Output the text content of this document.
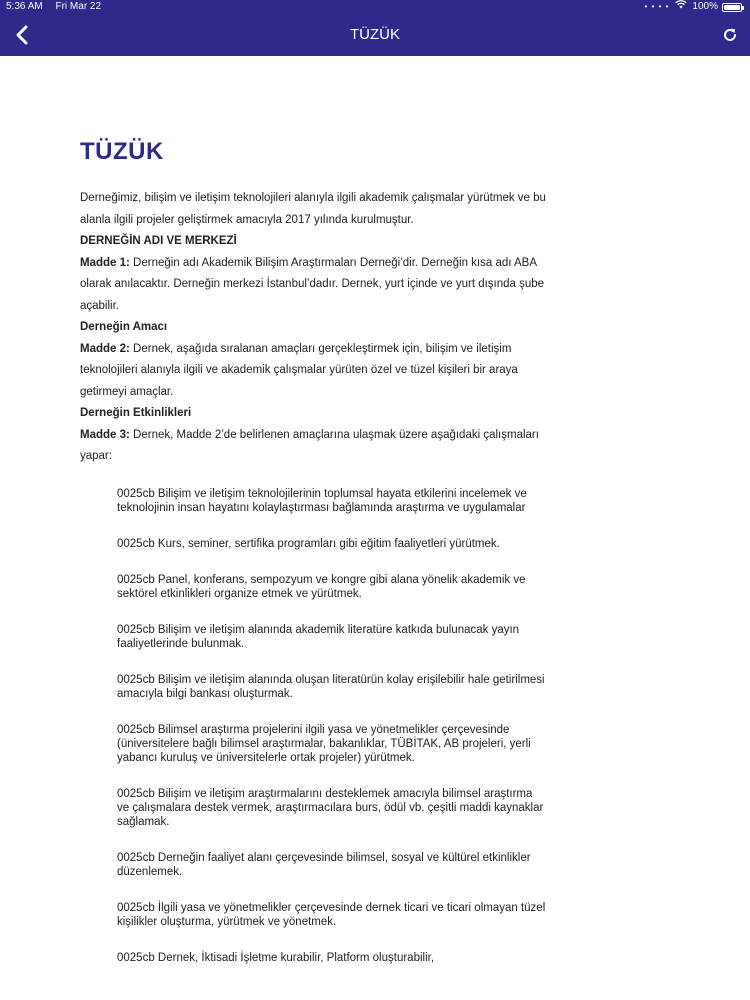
5:36 AM Fri Mar 22	• • • • 100%
TÜZÜK
TÜZÜK

Derneğimiz, bilişim ve iletişim teknolojileri alanıyla ilgili akademik çalışmalar yürütmek ve bu alanla ilgili projeler geliştirmek amacıyla 2017 yılında kurulmuştur.

DERNEĞİN ADI VE MERKEZİ

Madde 1: Derneğin adı Akademik Bilişim Araştırmaları Derneği’dir. Derneğin kısa adı ABA olarak anılacaktır. Derneğin merkezi İstanbul’dadır. Dernek, yurt içinde ve yurt dışında şube açabilir.

Derneğin Amacı

Madde 2: Dernek, aşağıda sıralanan amaçları gerçekleştirmek için, bilişim ve iletişim teknolojileri alanıyla ilgili ve akademik çalışmalar yürüten özel ve tüzel kişileri bir araya getirmeyi amaçlar.

Derneğin Etkinlikleri

Madde 3: Dernek, Madde 2’de belirlenen amaçlarına ulaşmak üzere aşağıdaki çalışmaları yapar:

0025cb Bilişim ve iletişim teknolojilerinin toplumsal hayata etkilerini incelemek ve teknolojinin insan hayatını kolaylaştırması bağlamında araştırma ve uygulamalar
0025cb Kurs, seminer, sertifika programları gibi eğitim faaliyetleri yürütmek.
0025cb Panel, konferans, sempozyum ve kongre gibi alana yönelik akademik ve sektörel etkinlikleri organize etmek ve yürütmek.
0025cb Bilişim ve iletişim alanında akademik literatüre katkıda bulunacak yayın faaliyetlerinde bulunmak.
0025cb Bilişim ve iletişim alanında oluşan literatürün kolay erişilebilir hale getirilmesi amacıyla bilgi bankası oluşturmak.
0025cb Bilimsel araştırma projelerini ilgili yasa ve yönetmelikler çerçevesinde (üniversitelere bağlı bilimsel araştırmalar, bakanlıklar, TÜBİTAK, AB projeleri, yerli yabancı kuruluş ve üniversitelerle ortak projeler) yürütmek.
0025cb Bilişim ve iletişim araştırmalarını desteklemek amacıyla bilimsel araştırma ve çalışmalara destek vermek, araştırmacılara burs, ödül vb. çeşitli maddi kaynaklar sağlamak.
0025cb Derneğin faaliyet alanı çerçevesinde bilimsel, sosyal ve kültürel etkinlikler düzenlemek.
0025cb İlgili yasa ve yönetmelikler çerçevesinde dernek ticari ve ticari olmayan tüzel kişilikler oluşturma, yürütmek ve yönetmek.
0025cb Dernek, İktisadi İşletme kurabilir, Platform oluşturabilir,
